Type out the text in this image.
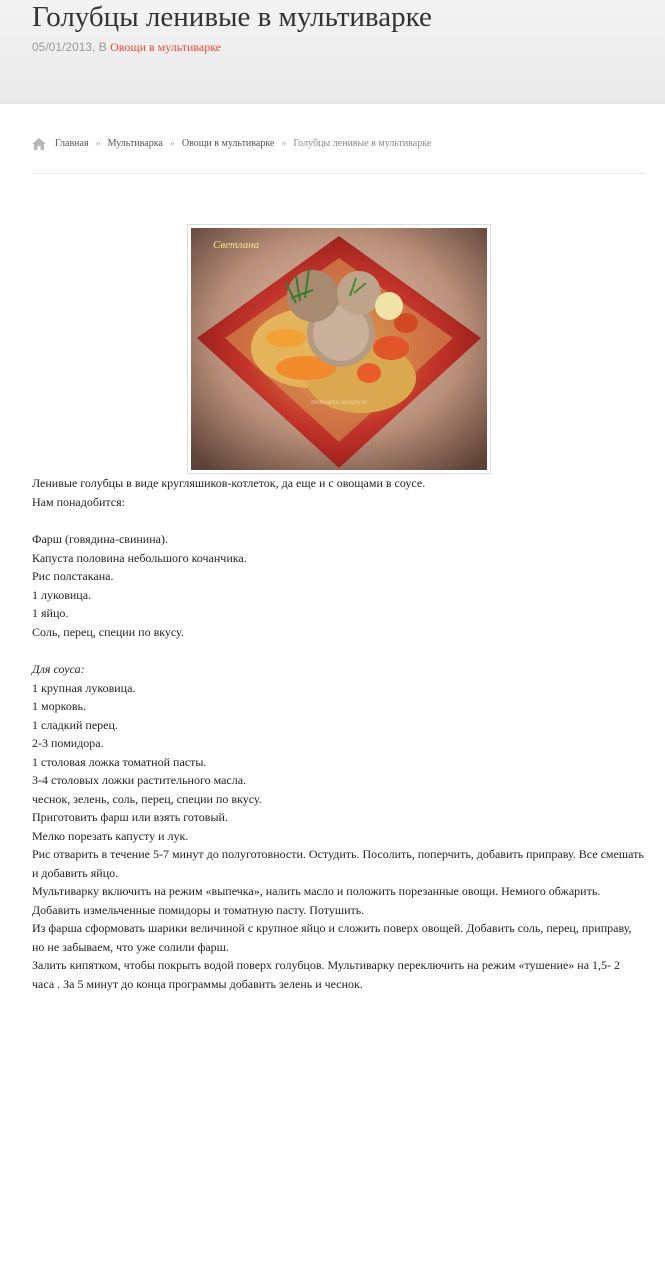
Голубцы ленивые в мультиварке
05/01/2013, В Овощи в мультиварке
Главная » Мультиварка » Овощи в мультиварке » Голубцы ленивые в мультиварке
Светлана
multivarka-recepty.ru

Ленивые голубцы в виде кругляшиков-котлеток, да еще и с овощами в соусе.

Нам понадобится:

Фарш (говядина-свинина).

Капуста половина небольшого кочанчика.

Рис полстакана.

1 луковица.

1 яйцо.

Соль, перец, специи по вкусу.

Для соуса:

1 крупная луковица.

1 морковь.

1 сладкий перец.

2-3 помидора.

1 столовая ложка томатной пасты.

3-4 столовых ложки растительного масла.

чеснок, зелень, соль, перец, специи по вкусу.

Приготовить фарш или взять готовый.

Мелко порезать капусту и лук.

Рис отварить в течение 5-7 минут до полуготовности. Остудить. Посолить, поперчить, добавить приправу. Все смешать и добавить яйцо.

Мультиварку включить на режим «выпечка», налить масло и положить порезанные овощи. Немного обжарить. Добавить измельченные помидоры и томатную пасту. Потушить.

Из фарша сформовать шарики величиной с крупное яйцо и сложить поверх овощей. Добавить соль, перец, приправу, но не забываем, что уже солили фарш.

Залить кипятком, чтобы покрыть водой поверх голубцов. Мультиварку переключить на режим «тушение» на 1,5- 2 часа . За 5 минут до конца программы добавить зелень и чеснок.
